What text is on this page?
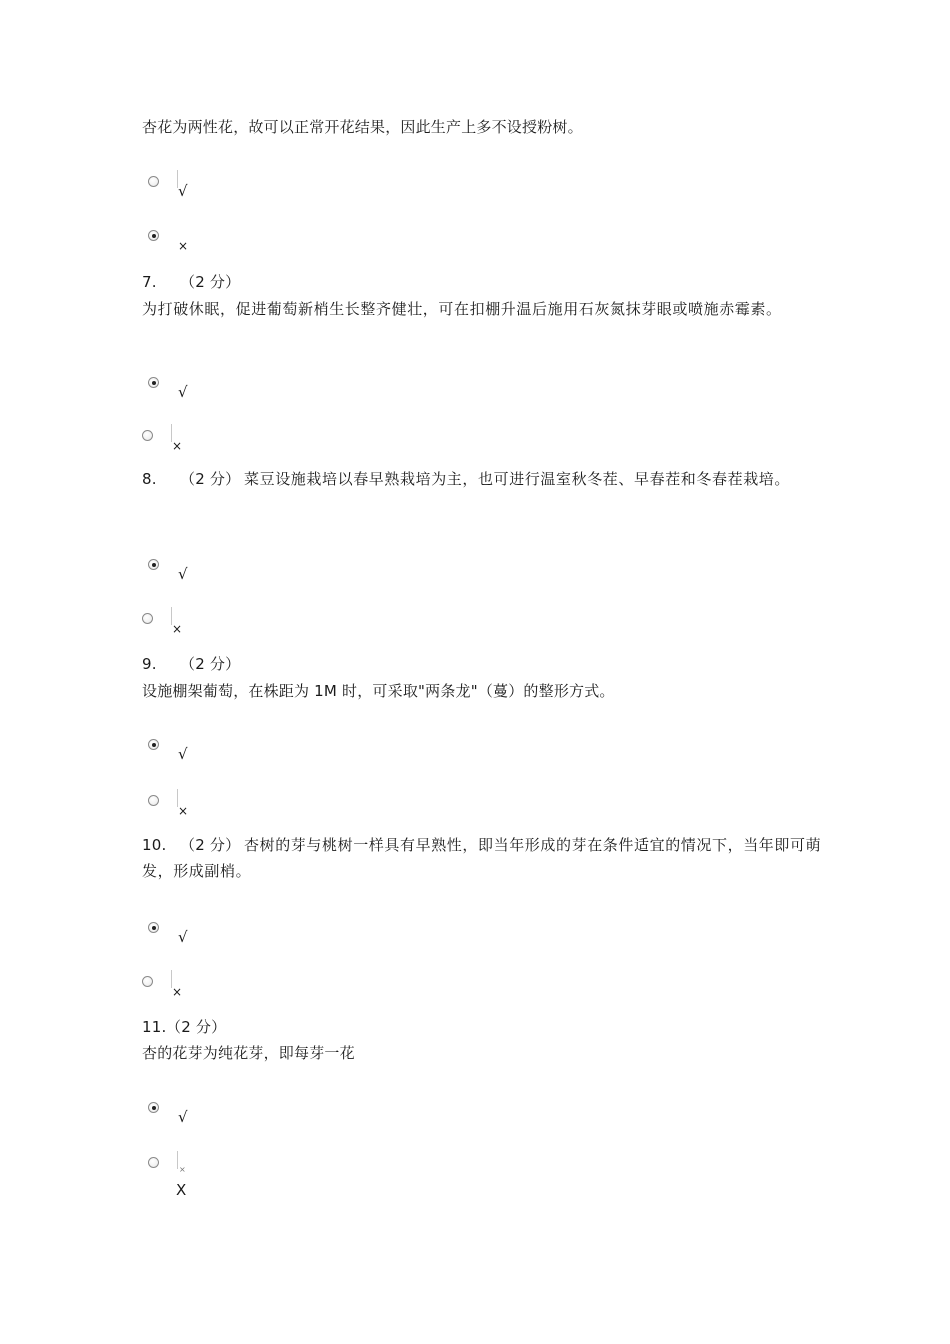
杏花为两性花，故可以正常开花结果，因此生产上多不设授粉树。
√
×
7. （2 分）
为打破休眠，促进葡萄新梢生长整齐健壮，可在扣棚升温后施用石灰氮抹芽眼或喷施赤霉素。
√
×
8. （2 分） 菜豆设施栽培以春早熟栽培为主，也可进行温室秋冬茬、早春茬和冬春茬栽培。
√
×
9. （2 分）
设施棚架葡萄，在株距为 1M 时，可采取"两条龙"（蔓）的整形方式。
√
×
10. （2 分） 杏树的芽与桃树一样具有早熟性，即当年形成的芽在条件适宜的情况下，当年即可萌发，形成副梢。
√
×
11. （2 分）
杏的花芽为纯花芽，即每芽一花
√
×
X
